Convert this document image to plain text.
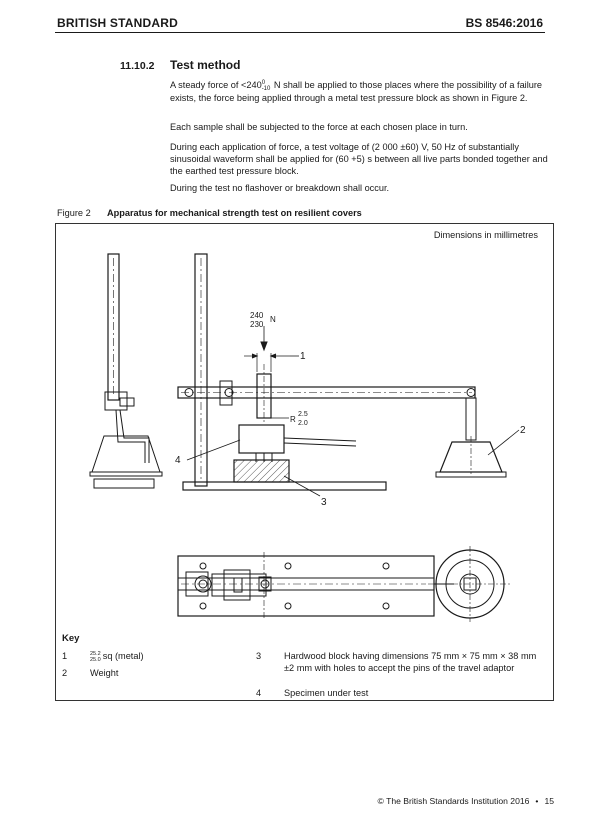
BRITISH STANDARD	BS 8546:2016
11.10.2 Test method
A steady force of <240 0
-10 N shall be applied to those places where the possibility of a failure exists, the force being applied through a metal test pressure block as shown in Figure 2.
Each sample shall be subjected to the force at each chosen place in turn.
During each application of force, a test voltage of (2 000 ±60) V, 50 Hz of substantially sinusoidal waveform shall be applied for (60 +5) s between all live parts bonded together and the earthed test pressure block.
During the test no flashover or breakdown shall occur.
Figure 2 Apparatus for mechanical strength test on resilient covers
Dimensions in millimetres
240
230
N
1
R
2.5
2.0
2
3
4
Key
1	25.2
25.0 sq (metal)
2 Weight
3 Hardwood block having dimensions 75 mm × 75 mm × 38 mm ±2 mm with holes to accept the pins of the travel adaptor
4 Specimen under test
© The British Standards Institution 2016 • 15
